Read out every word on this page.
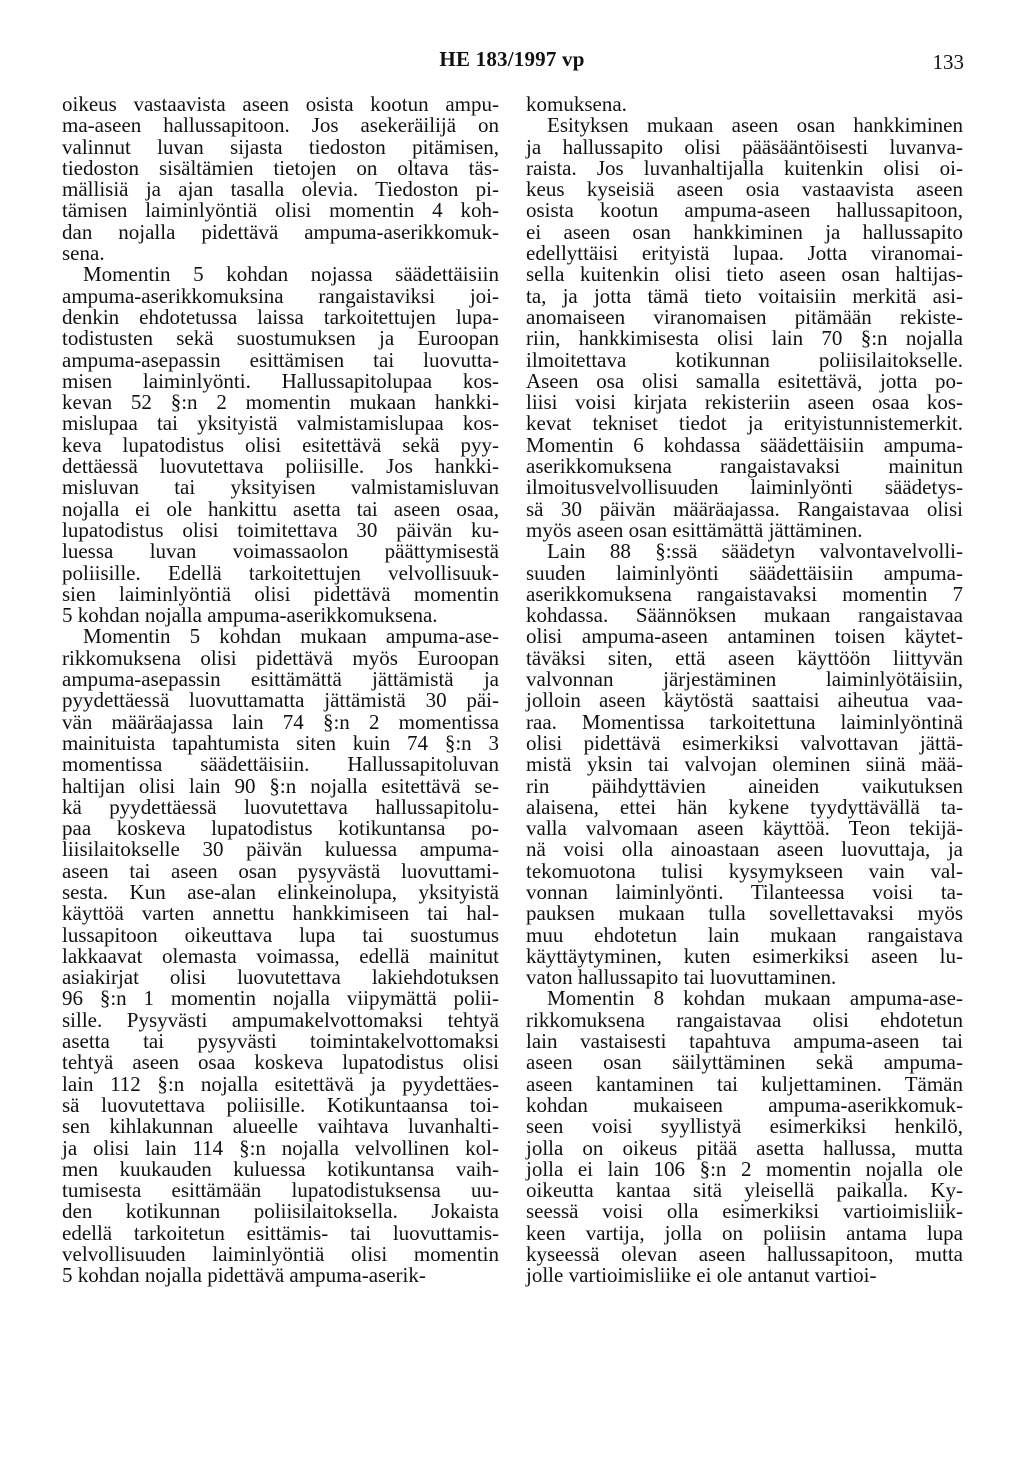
HE 183/1997 vp	133
oikeus vastaavista aseen osista kootun ampu-
ma-aseen hallussapitoon. Jos asekeräilijä on
valinnut luvan sijasta tiedoston pitämisen,
tiedoston sisältämien tietojen on oltava täs-
mällisiä ja ajan tasalla olevia. Tiedoston pi-
tämisen laiminlyöntiä olisi momentin 4 koh-
dan nojalla pidettävä ampuma-aserikkomuk-
sena.
Momentin 5 kohdan nojassa säädettäisiin
ampuma-aserikkomuksina rangaistaviksi joi-
denkin ehdotetussa laissa tarkoitettujen lupa-
todistusten sekä suostumuksen ja Euroopan
ampuma-asepassin esittämisen tai luovutta-
misen laiminlyönti. Hallussapitolupaa kos-
kevan 52 §:n 2 momentin mukaan hankki-
mislupaa tai yksityistä valmistamislupaa kos-
keva lupatodistus olisi esitettävä sekä pyy-
dettäessä luovutettava poliisille. Jos hankki-
misluvan tai yksityisen valmistamisluvan
nojalla ei ole hankittu asetta tai aseen osaa,
lupatodistus olisi toimitettava 30 päivän ku-
luessa luvan voimassaolon päättymisestä
poliisille. Edellä tarkoitettujen velvollisuuk-
sien laiminlyöntiä olisi pidettävä momentin
5 kohdan nojalla ampuma-aserikkomuksena.
Momentin 5 kohdan mukaan ampuma-ase-
rikkomuksena olisi pidettävä myös Euroopan
ampuma-asepassin esittämättä jättämistä ja
pyydettäessä luovuttamatta jättämistä 30 päi-
vän määräajassa lain 74 §:n 2 momentissa
mainituista tapahtumista siten kuin 74 §:n 3
momentissa säädettäisiin. Hallussapitoluvan
haltijan olisi lain 90 §:n nojalla esitettävä se-
kä pyydettäessä luovutettava hallussapitolu-
paa koskeva lupatodistus kotikuntansa po-
liisilaitokselle 30 päivän kuluessa ampuma-
aseen tai aseen osan pysyvästä luovuttami-
sesta. Kun ase-alan elinkeinolupa, yksityistä
käyttöä varten annettu hankkimiseen tai hal-
lussapitoon oikeuttava lupa tai suostumus
lakkaavat olemasta voimassa, edellä mainitut
asiakirjat olisi luovutettava lakiehdotuksen
96 §:n 1 momentin nojalla viipymättä polii-
sille. Pysyvästi ampumakelvottomaksi tehtyä
asetta tai pysyvästi toimintakelvottomaksi
tehtyä aseen osaa koskeva lupatodistus olisi
lain 112 §:n nojalla esitettävä ja pyydettäes-
sä luovutettava poliisille. Kotikuntaansa toi-
sen kihlakunnan alueelle vaihtava luvanhalti-
ja olisi lain 114 §:n nojalla velvollinen kol-
men kuukauden kuluessa kotikuntansa vaih-
tumisesta esittämään lupatodistuksensa uu-
den kotikunnan poliisilaitoksella. Jokaista
edellä tarkoitetun esittämis- tai luovuttamis-
velvollisuuden laiminlyöntiä olisi momentin
5 kohdan nojalla pidettävä ampuma-aserik-
komuksena.
Esityksen mukaan aseen osan hankkiminen
ja hallussapito olisi pääsääntöisesti luvanva-
raista. Jos luvanhaltijalla kuitenkin olisi oi-
keus kyseisiä aseen osia vastaavista aseen
osista kootun ampuma-aseen hallussapitoon,
ei aseen osan hankkiminen ja hallussapito
edellyttäisi erityistä lupaa. Jotta viranomai-
sella kuitenkin olisi tieto aseen osan haltijas-
ta, ja jotta tämä tieto voitaisiin merkitä asi-
anomaiseen viranomaisen pitämään rekiste-
riin, hankkimisesta olisi lain 70 §:n nojalla
ilmoitettava kotikunnan poliisilaitokselle.
Aseen osa olisi samalla esitettävä, jotta po-
liisi voisi kirjata rekisteriin aseen osaa kos-
kevat tekniset tiedot ja erityistunnistemerkit.
Momentin 6 kohdassa säädettäisiin ampuma-
aserikkomuksena rangaistavaksi mainitun
ilmoitusvelvollisuuden laiminlyönti säädetys-
sä 30 päivän määräajassa. Rangaistavaa olisi
myös aseen osan esittämättä jättäminen.
Lain 88 §:ssä säädetyn valvontavelvolli-
suuden laiminlyönti säädettäisiin ampuma-
aserikkomuksena rangaistavaksi momentin 7
kohdassa. Säännöksen mukaan rangaistavaa
olisi ampuma-aseen antaminen toisen käytet-
täväksi siten, että aseen käyttöön liittyvän
valvonnan järjestäminen laiminlyötäisiin,
jolloin aseen käytöstä saattaisi aiheutua vaa-
raa. Momentissa tarkoitettuna laiminlyöntinä
olisi pidettävä esimerkiksi valvottavan jättä-
mistä yksin tai valvojan oleminen siinä mää-
rin päihdyttävien aineiden vaikutuksen
alaisena, ettei hän kykene tyydyttävällä ta-
valla valvomaan aseen käyttöä. Teon tekijä-
nä voisi olla ainoastaan aseen luovuttaja, ja
tekomuotona tulisi kysymykseen vain val-
vonnan laiminlyönti. Tilanteessa voisi ta-
pauksen mukaan tulla sovellettavaksi myös
muu ehdotetun lain mukaan rangaistava
käyttäytyminen, kuten esimerkiksi aseen lu-
vaton hallussapito tai luovuttaminen.
Momentin 8 kohdan mukaan ampuma-ase-
rikkomuksena rangaistavaa olisi ehdotetun
lain vastaisesti tapahtuva ampuma-aseen tai
aseen osan säilyttäminen sekä ampuma-
aseen kantaminen tai kuljettaminen. Tämän
kohdan mukaiseen ampuma-aserikkomuk-
seen voisi syyllistyä esimerkiksi henkilö,
jolla on oikeus pitää asetta hallussa, mutta
jolla ei lain 106 §:n 2 momentin nojalla ole
oikeutta kantaa sitä yleisellä paikalla. Ky-
seessä voisi olla esimerkiksi vartioimisliik-
keen vartija, jolla on poliisin antama lupa
kyseessä olevan aseen hallussapitoon, mutta
jolle vartioimisliike ei ole antanut vartioi-
